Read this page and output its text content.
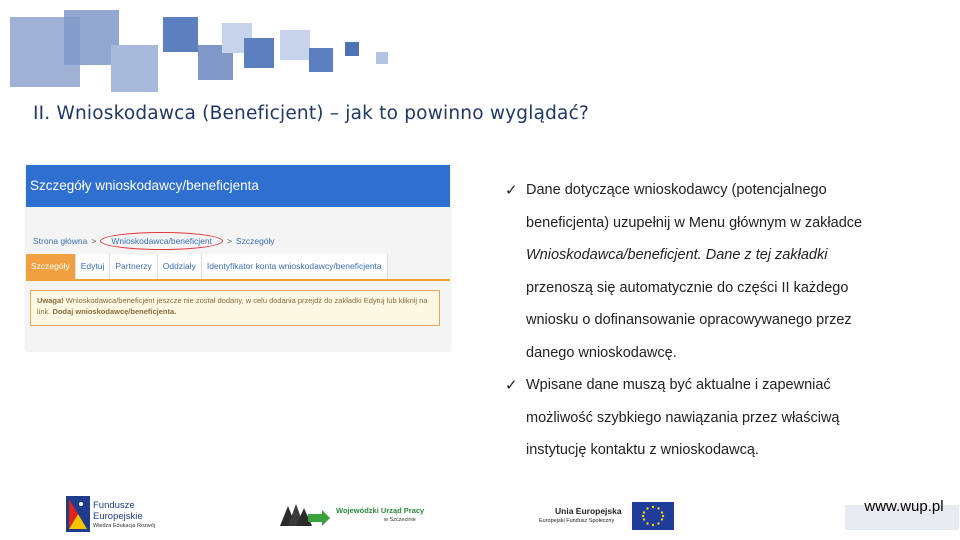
II. Wnioskodawca (Beneficjent) – jak to powinno wyglądać?
Szczegóły wnioskodawcy/beneficjenta
Strona główna > Wnioskodawca/beneficjent > Szczegóły
Szczegóły	Edytuj	Partnerzy	Oddziały	Identyfikator konta wnioskodawcy/beneficjenta
Uwaga! Wnioskodawca/beneficjent jeszcze nie został dodany, w celu dodania przejdź do zakładki Edytuj lub kliknij na link. Dodaj wnioskodawcę/beneficjenta.
✓ Dane dotyczące wnioskodawcy (potencjalnego
beneficjenta) uzupełnij w Menu głównym w zakładce
Wnioskodawca/beneficjent. Dane z tej zakładki
przenoszą się automatycznie do części II każdego
wniosku o dofinansowanie opracowywanego przez
danego wnioskodawcę.
✓ Wpisane dane muszą być aktualne i zapewniać
możliwość szybkiego nawiązania przez właściwą
instytucję kontaktu z wnioskodawcą.
Fundusze
Europejskie
Wiedza Edukacja Rozwój
Wojewódzki Urząd Pracy
w Szczecinie
Unia Europejska
Europejski Fundusz Społeczny
www.wup.pl
